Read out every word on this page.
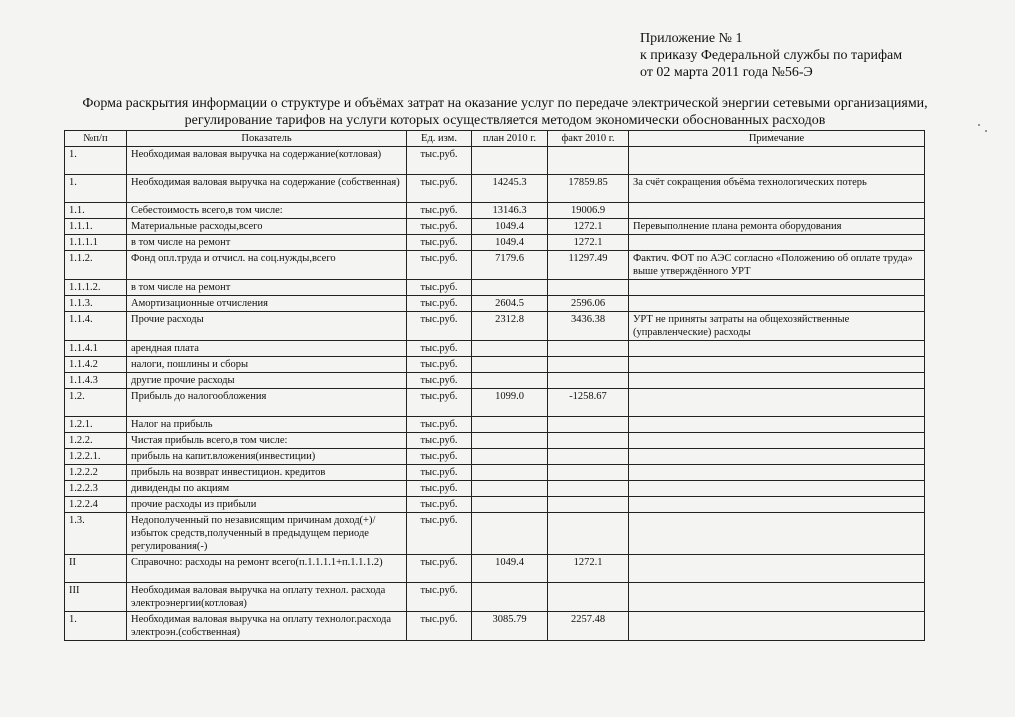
Приложение № 1
к приказу Федеральной службы по тарифам
от 02 марта 2011 года №56-Э
Форма раскрытия информации о структуре и объёмах затрат на оказание услуг по передаче электрической энергии сетевыми организациями,
регулирование тарифов на услуги которых осуществляется методом экономически обоснованных расходов
№п/п	Показатель	Ед. изм.	план 2010 г.	факт 2010 г.	Примечание
1.	Необходимая валовая выручка на содержание(котловая)	тыс.руб.			
1.	Необходимая валовая выручка на содержание (собственная)	тыс.руб.	14245.3	17859.85	За счёт сокращения объёма технологических потерь
1.1.	Себестоимость всего,в том числе:	тыс.руб.	13146.3	19006.9	
1.1.1.	Материальные расходы,всего	тыс.руб.	1049.4	1272.1	Перевыполнение плана ремонта оборудования
1.1.1.1	в том числе на ремонт	тыс.руб.	1049.4	1272.1	
1.1.2.	Фонд опл.труда и отчисл. на соц.нужды,всего	тыс.руб.	7179.6	11297.49	Фактич. ФОТ по АЭС согласно «Положению об оплате труда» выше утверждённого УРТ
1.1.1.2.	в том числе на ремонт	тыс.руб.			
1.1.3.	Амортизационные отчисления	тыс.руб.	2604.5	2596.06	
1.1.4.	Прочие расходы	тыс.руб.	2312.8	3436.38	УРТ не приняты затраты на общехозяйственные (управленческие) расходы
1.1.4.1	арендная плата	тыс.руб.			
1.1.4.2	налоги, пошлины и сборы	тыс.руб.			
1.1.4.3	другие прочие расходы	тыс.руб.			
1.2.	Прибыль до налогообложения	тыс.руб.	1099.0	-1258.67	
1.2.1.	Налог на прибыль	тыс.руб.			
1.2.2.	Чистая прибыль всего,в том числе:	тыс.руб.			
1.2.2.1.	прибыль на капит.вложения(инвестиции)	тыс.руб.			
1.2.2.2	прибыль на возврат инвестицион. кредитов	тыс.руб.			
1.2.2.3	дивиденды по акциям	тыс.руб.			
1.2.2.4	прочие расходы из прибыли	тыс.руб.			
1.3.	Недополученный по независящим причинам доход(+)/избыток средств,полученный в предыдущем периоде регулирования(-)	тыс.руб.			
II	Справочно: расходы на ремонт всего(п.1.1.1.1+п.1.1.1.2)	тыс.руб.	1049.4	1272.1	
III	Необходимая валовая выручка на оплату технол. расхода электроэнергии(котловая)	тыс.руб.			
1.	Необходимая валовая выручка на оплату технолог.расхода электроэн.(собственная)	тыс.руб.	3085.79	2257.48	
